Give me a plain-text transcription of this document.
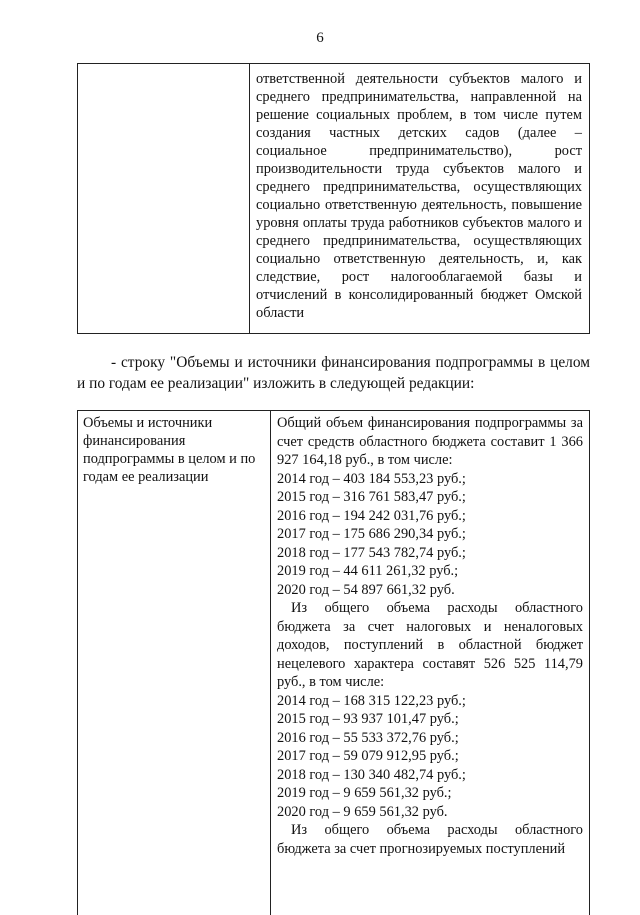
6

ответственной деятельности субъектов малого и среднего предпринимательства, направленной на решение социальных проблем, в том числе путем создания частных детских садов (далее – социальное предпринимательство), рост производительности труда субъектов малого и среднего предпринимательства, осуществляющих социально ответственную деятельность, повышение уровня оплаты труда работников субъектов малого и среднего предпринимательства, осуществляющих социально ответственную деятельность, и, как следствие, рост налогооблагаемой базы и отчислений в консолидированный бюджет Омской области

- строку "Объемы и источники финансирования подпрограммы в целом и по годам ее реализации" изложить в следующей редакции:

Объемы и источники финансирования подпрограммы в целом и по годам ее реализации

Общий объем финансирования подпрограммы за счет средств областного бюджета составит 1 366 927 164,18 руб., в том числе:

2014 год – 403 184 553,23 руб.;

2015 год – 316 761 583,47 руб.;

2016 год – 194 242 031,76 руб.;

2017 год – 175 686 290,34 руб.;

2018 год – 177 543 782,74 руб.;

2019 год – 44 611 261,32 руб.;

2020 год – 54 897 661,32 руб.

Из общего объема расходы областного бюджета за счет налоговых и неналоговых доходов, поступлений в областной бюджет нецелевого характера составят 526 525 114,79 руб., в том числе:

2014 год – 168 315 122,23 руб.;

2015 год – 93 937 101,47 руб.;

2016 год – 55 533 372,76 руб.;

2017 год – 59 079 912,95 руб.;

2018 год – 130 340 482,74 руб.;

2019 год – 9 659 561,32 руб.;

2020 год – 9 659 561,32 руб.

Из общего объема расходы областного бюджета за счет прогнозируемых поступлений
